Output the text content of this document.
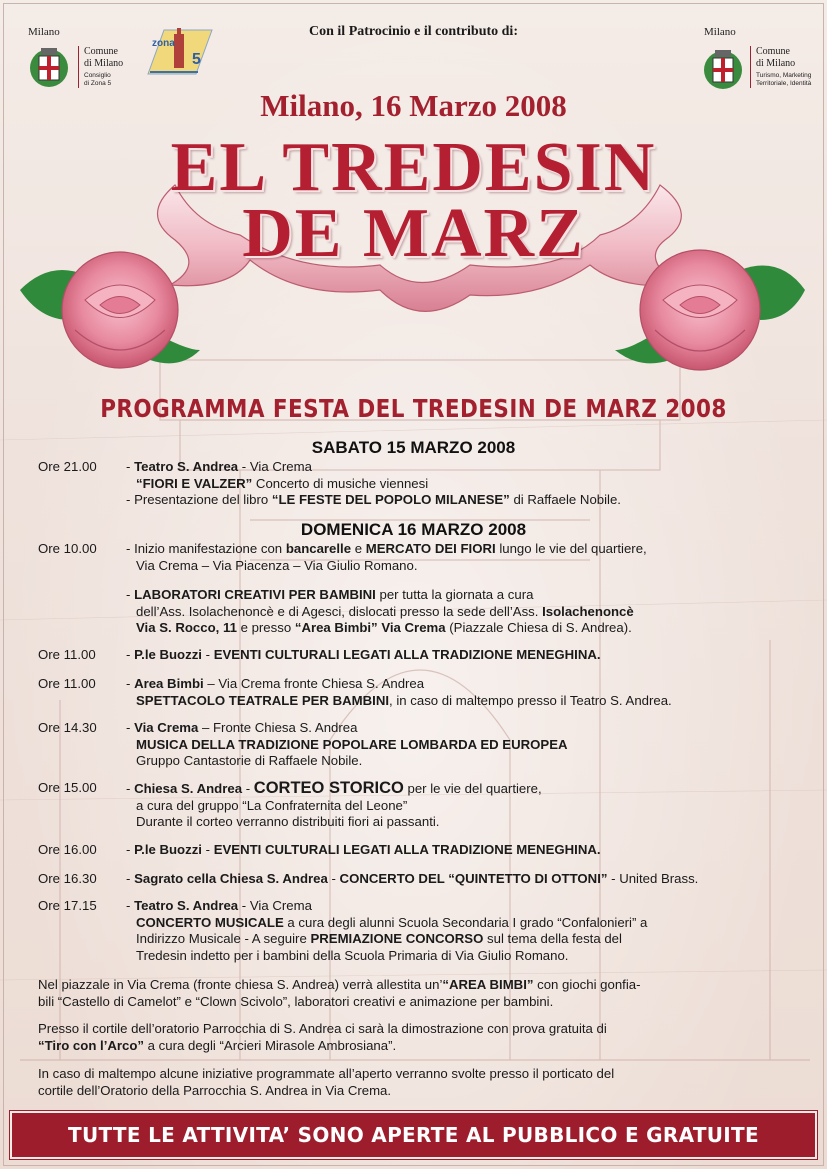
Con il Patrocinio e il contributo di:
Milano
Comune
di Milano
Consiglio
di Zona 5
zona
5
Milano
Comune
di Milano
Turismo, Marketing
Territoriale, Identità
Milano, 16 Marzo 2008
EL TREDESIN
DE MARZ
PROGRAMMA FESTA DEL TREDESIN DE MARZ 2008
SABATO 15 MARZO 2008
Ore 21.00 - Teatro S. Andrea - Via Crema
“FIORI E VALZER” Concerto di musiche viennesi
- Presentazione del libro “LE FESTE DEL POPOLO MILANESE” di Raffaele Nobile.
DOMENICA 16 MARZO 2008
Ore 10.00 - Inizio manifestazione con bancarelle e MERCATO DEI FIORI lungo le vie del quartiere,
Via Crema – Via Piacenza – Via Giulio Romano.
- LABORATORI CREATIVI PER BAMBINI per tutta la giornata a cura
dell’Ass. Isolachenoncè e di Agesci, dislocati presso la sede dell’Ass. Isolachenoncè
Via S. Rocco, 11 e presso “Area Bimbi” Via Crema (Piazzale Chiesa di S. Andrea).
Ore 11.00 - P.le Buozzi - EVENTI CULTURALI LEGATI ALLA TRADIZIONE MENEGHINA.
Ore 11.00 - Area Bimbi – Via Crema fronte Chiesa S. Andrea
SPETTACOLO TEATRALE PER BAMBINI, in caso di maltempo presso il Teatro S. Andrea.
Ore 14.30 - Via Crema – Fronte Chiesa S. Andrea
MUSICA DELLA TRADIZIONE POPOLARE LOMBARDA ED EUROPEA
Gruppo Cantastorie di Raffaele Nobile.
Ore 15.00 - Chiesa S. Andrea - CORTEO STORICO per le vie del quartiere,
a cura del gruppo “La Confraternita del Leone”
Durante il corteo verranno distribuiti fiori ai passanti.
Ore 16.00 - P.le Buozzi - EVENTI CULTURALI LEGATI ALLA TRADIZIONE MENEGHINA.
Ore 16.30 - Sagrato cella Chiesa S. Andrea - CONCERTO DEL “QUINTETTO DI OTTONI” - United Brass.
Ore 17.15 - Teatro S. Andrea - Via Crema
CONCERTO MUSICALE a cura degli alunni Scuola Secondaria I grado “Confalonieri” a
Indirizzo Musicale - A seguire PREMIAZIONE CONCORSO sul tema della festa del
Tredesin indetto per i bambini della Scuola Primaria di Via Giulio Romano.
Nel piazzale in Via Crema (fronte chiesa S. Andrea) verrà allestita un’“AREA BIMBI” con giochi gonfia-
bili “Castello di Camelot” e “Clown Scivolo”, laboratori creativi e animazione per bambini.
Presso il cortile dell’oratorio Parrocchia di S. Andrea ci sarà la dimostrazione con prova gratuita di
“Tiro con l’Arco” a cura degli “Arcieri Mirasole Ambrosiana”.
In caso di maltempo alcune iniziative programmate all’aperto verranno svolte presso il porticato del
cortile dell’Oratorio della Parrocchia S. Andrea in Via Crema.
TUTTE LE ATTIVITA’ SONO APERTE AL PUBBLICO E GRATUITE
